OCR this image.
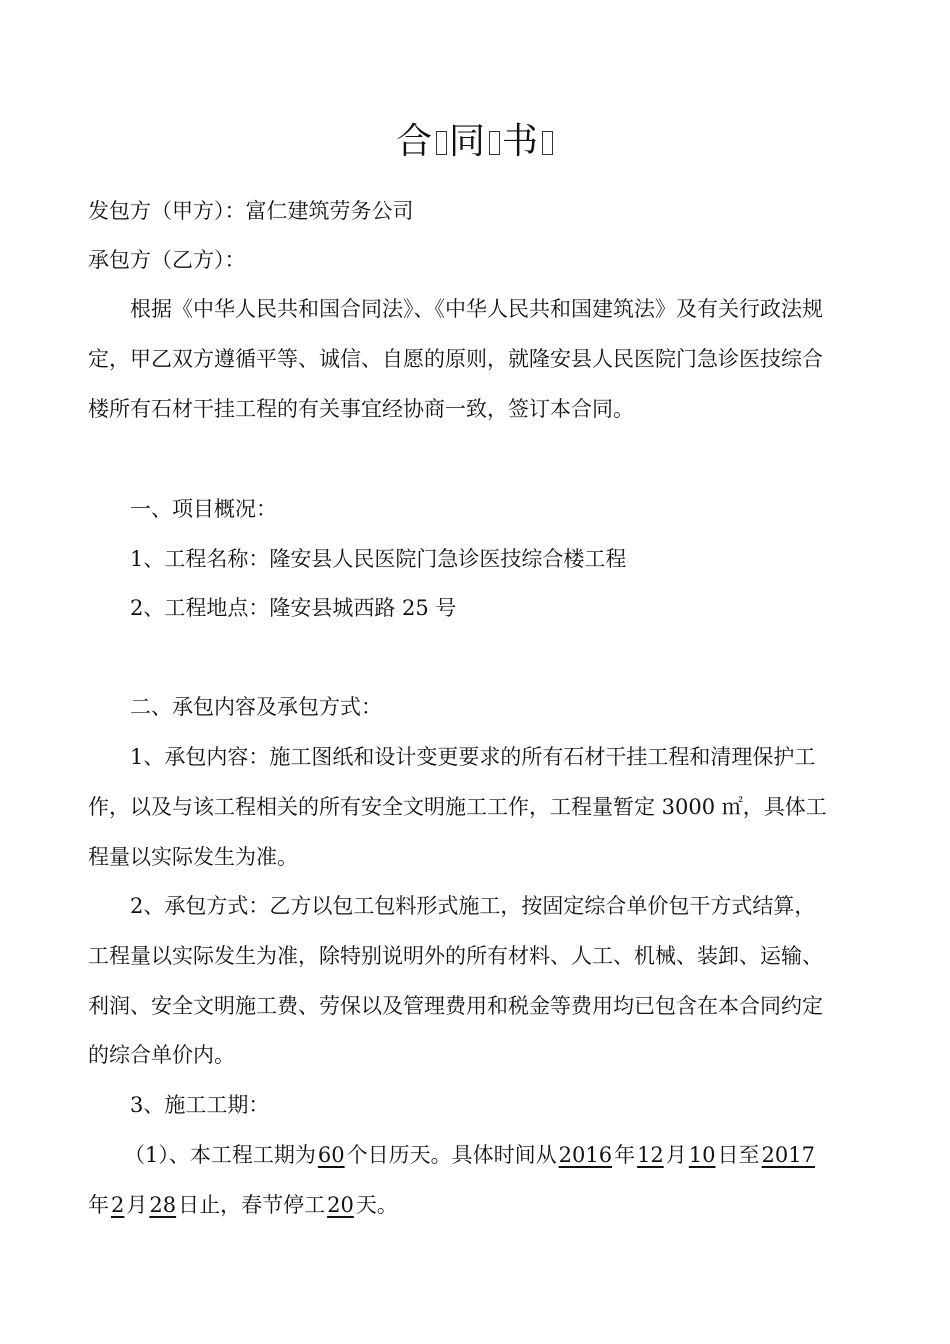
合 同 书
发包方（甲方）：富仁建筑劳务公司
承包方（乙方）：
根据《中华人民共和国合同法》、《中华人民共和国建筑法》及有关行政法规
定，甲乙双方遵循平等、诚信、自愿的原则，就隆安县人民医院门急诊医技综合
楼所有石材干挂工程的有关事宜经协商一致，签订本合同。
一、项目概况：
1、工程名称：隆安县人民医院门急诊医技综合楼工程
2、工程地点：隆安县城西路 25 号
二、承包内容及承包方式：
1、承包内容：施工图纸和设计变更要求的所有石材干挂工程和清理保护工
作，以及与该工程相关的所有安全文明施工工作，工程量暂定 3000 ㎡，具体工
程量以实际发生为准。
2、承包方式：乙方以包工包料形式施工，按固定综合单价包干方式结算，
工程量以实际发生为准，除特别说明外的所有材料、人工、机械、装卸、运输、
利润、安全文明施工费、劳保以及管理费用和税金等费用均已包含在本合同约定
的综合单价内。
3、施工工期：
（1）、本工程工期为60个日历天。具体时间从2016年12月10日至2017
年2月28日止，春节停工20天。
